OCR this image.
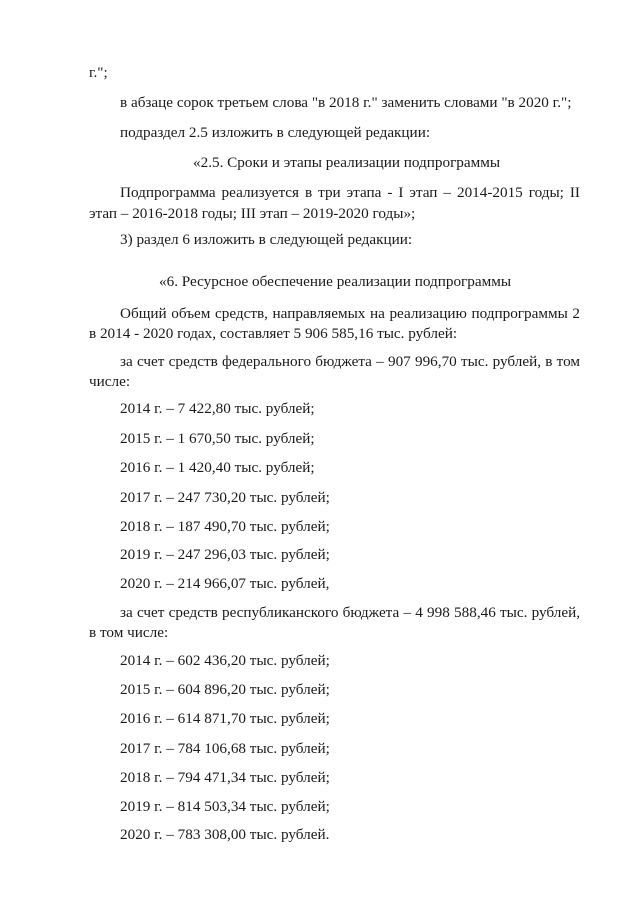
г.";
в абзаце сорок третьем слова "в 2018 г." заменить словами "в 2020 г.";
подраздел 2.5 изложить в следующей редакции:
«2.5. Сроки и этапы реализации подпрограммы
Подпрограмма реализуется в три этапа - I этап – 2014-2015 годы; II
этап – 2016-2018 годы; III этап – 2019-2020 годы»;
3) раздел 6 изложить в следующей редакции:
«6. Ресурсное обеспечение реализации подпрограммы
Общий объем средств, направляемых на реализацию подпрограммы 2
в 2014 - 2020 годах, составляет 5 906 585,16 тыс. рублей:
за счет средств федерального бюджета – 907 996,70 тыс. рублей, в том
числе:
2014 г. – 7 422,80 тыс. рублей;
2015 г. – 1 670,50 тыс. рублей;
2016 г. – 1 420,40 тыс. рублей;
2017 г. – 247 730,20 тыс. рублей;
2018 г. – 187 490,70 тыс. рублей;
2019 г. – 247 296,03 тыс. рублей;
2020 г. – 214 966,07 тыс. рублей,
за счет средств республиканского бюджета – 4 998 588,46 тыс. рублей,
в том числе:
2014 г. – 602 436,20 тыс. рублей;
2015 г. – 604 896,20 тыс. рублей;
2016 г. – 614 871,70 тыс. рублей;
2017 г. – 784 106,68 тыс. рублей;
2018 г. – 794 471,34 тыс. рублей;
2019 г. – 814 503,34 тыс. рублей;
2020 г. – 783 308,00 тыс. рублей.
